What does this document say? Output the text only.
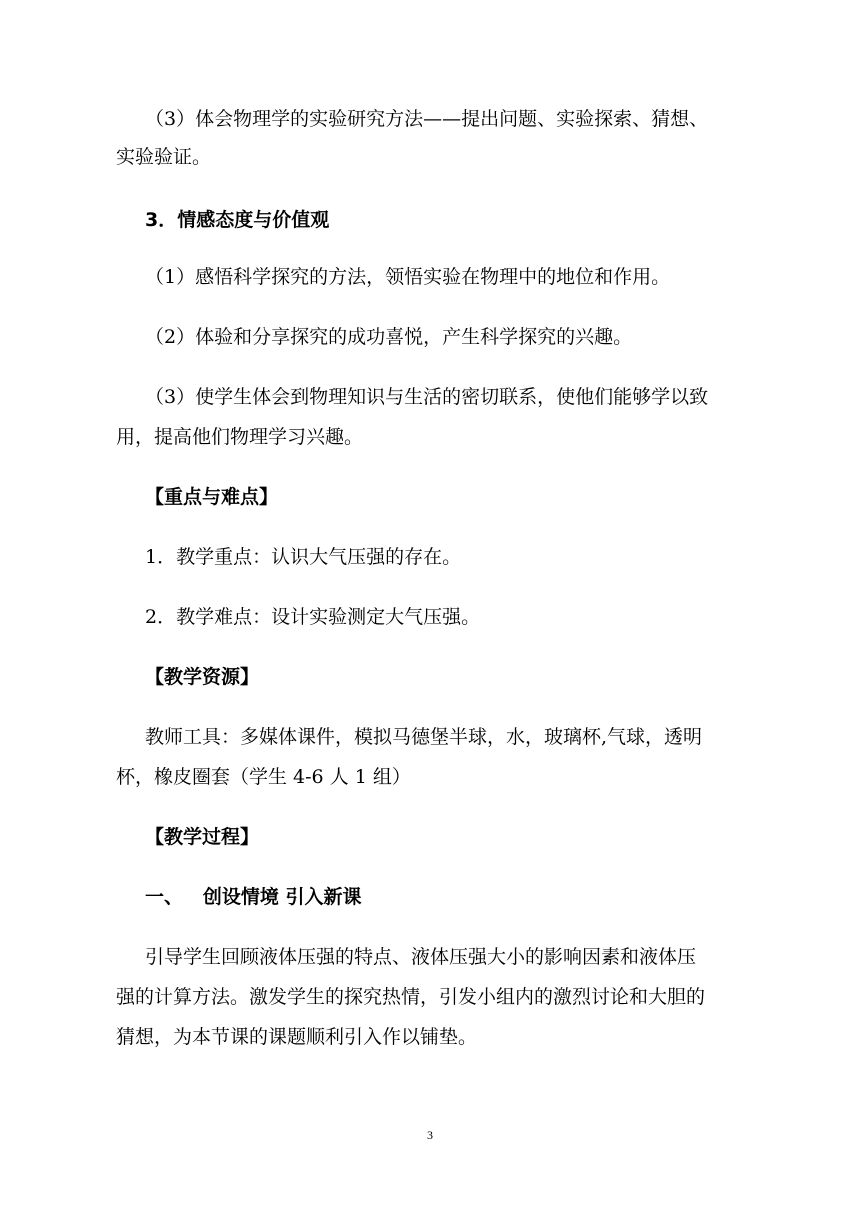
（3）体会物理学的实验研究方法——提出问题、实验探索、猜想、
实验验证。
3．情感态度与价值观
（1）感悟科学探究的方法，领悟实验在物理中的地位和作用。
（2）体验和分享探究的成功喜悦，产生科学探究的兴趣。
（3）使学生体会到物理知识与生活的密切联系，使他们能够学以致
用，提高他们物理学习兴趣。
【重点与难点】
1．教学重点：认识大气压强的存在。
2．教学难点：设计实验测定大气压强。
【教学资源】
教师工具：多媒体课件，模拟马德堡半球，水，玻璃杯,气球，透明
杯，橡皮圈套（学生 4-6 人 1 组）
【教学过程】
一、   创设情境 引入新课
引导学生回顾液体压强的特点、液体压强大小的影响因素和液体压
强的计算方法。激发学生的探究热情，引发小组内的激烈讨论和大胆的
猜想，为本节课的课题顺利引入作以铺垫。
3
